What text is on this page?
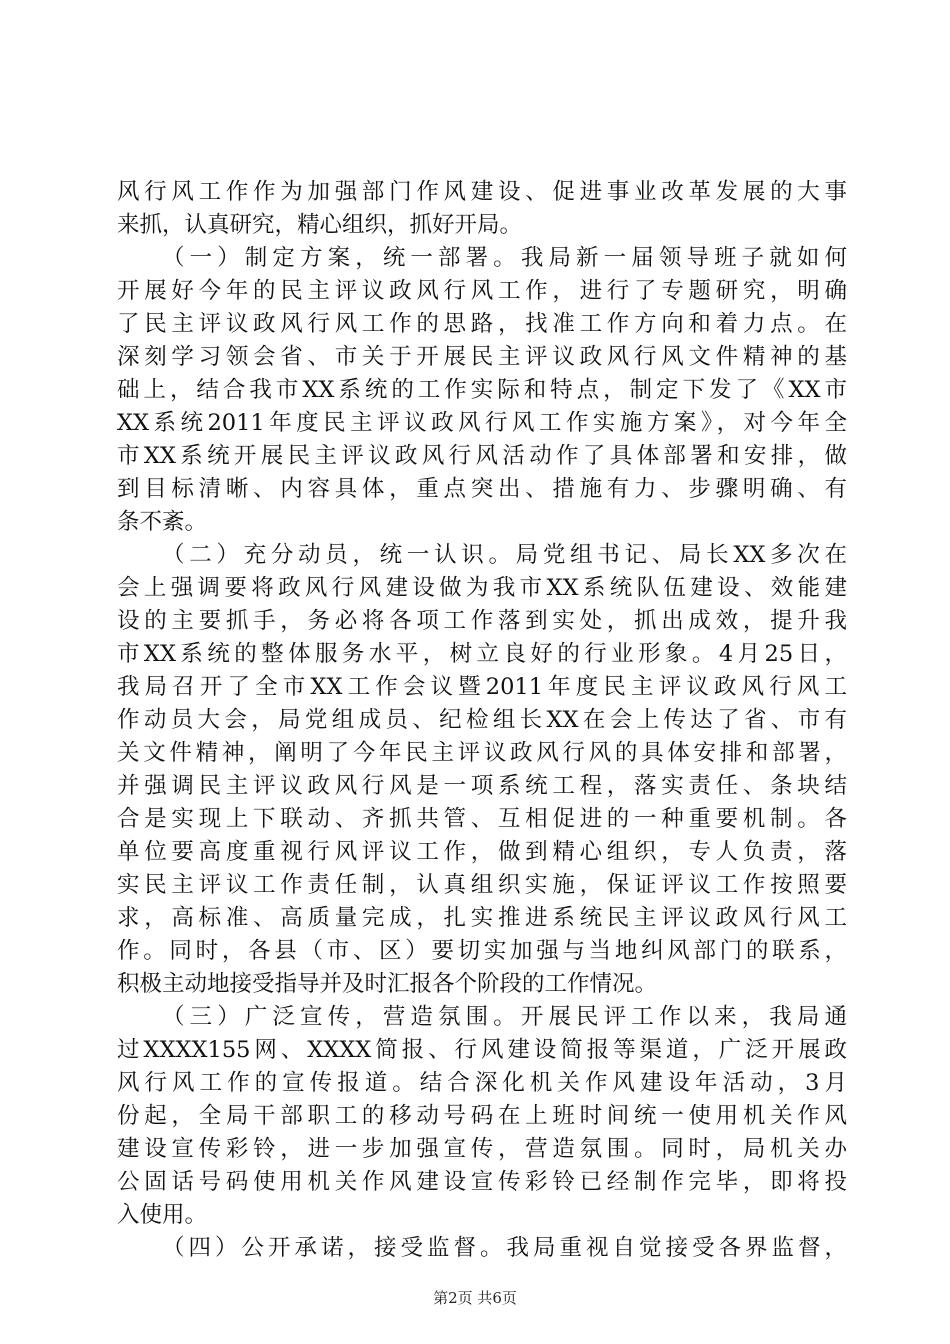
风行风工作作为加强部门作风建设、促进事业改革发展的大事
来抓，认真研究，精心组织，抓好开局。
（一）制定方案，统一部署。我局新一届领导班子就如何
开展好今年的民主评议政风行风工作，进行了专题研究，明确
了民主评议政风行风工作的思路，找准工作方向和着力点。在
深刻学习领会省、市关于开展民主评议政风行风文件精神的基
础上，结合我市XX系统的工作实际和特点，制定下发了《XX市
XX系统2011年度民主评议政风行风工作实施方案》，对今年全
市XX系统开展民主评议政风行风活动作了具体部署和安排，做
到目标清晰、内容具体，重点突出、措施有力、步骤明确、有
条不紊。
（二）充分动员，统一认识。局党组书记、局长XX多次在
会上强调要将政风行风建设做为我市XX系统队伍建设、效能建
设的主要抓手，务必将各项工作落到实处，抓出成效，提升我
市XX系统的整体服务水平，树立良好的行业形象。4月25日，
我局召开了全市XX工作会议暨2011年度民主评议政风行风工
作动员大会，局党组成员、纪检组长XX在会上传达了省、市有
关文件精神，阐明了今年民主评议政风行风的具体安排和部署，
并强调民主评议政风行风是一项系统工程，落实责任、条块结
合是实现上下联动、齐抓共管、互相促进的一种重要机制。各
单位要高度重视行风评议工作，做到精心组织，专人负责，落
实民主评议工作责任制，认真组织实施，保证评议工作按照要
求，高标准、高质量完成，扎实推进系统民主评议政风行风工
作。同时，各县（市、区）要切实加强与当地纠风部门的联系，
积极主动地接受指导并及时汇报各个阶段的工作情况。
（三）广泛宣传，营造氛围。开展民评工作以来，我局通
过XXXX155网、XXXX简报、行风建设简报等渠道，广泛开展政
风行风工作的宣传报道。结合深化机关作风建设年活动，3月
份起，全局干部职工的移动号码在上班时间统一使用机关作风
建设宣传彩铃，进一步加强宣传，营造氛围。同时，局机关办
公固话号码使用机关作风建设宣传彩铃已经制作完毕，即将投
入使用。
（四）公开承诺，接受监督。我局重视自觉接受各界监督，
第2页 共6页
